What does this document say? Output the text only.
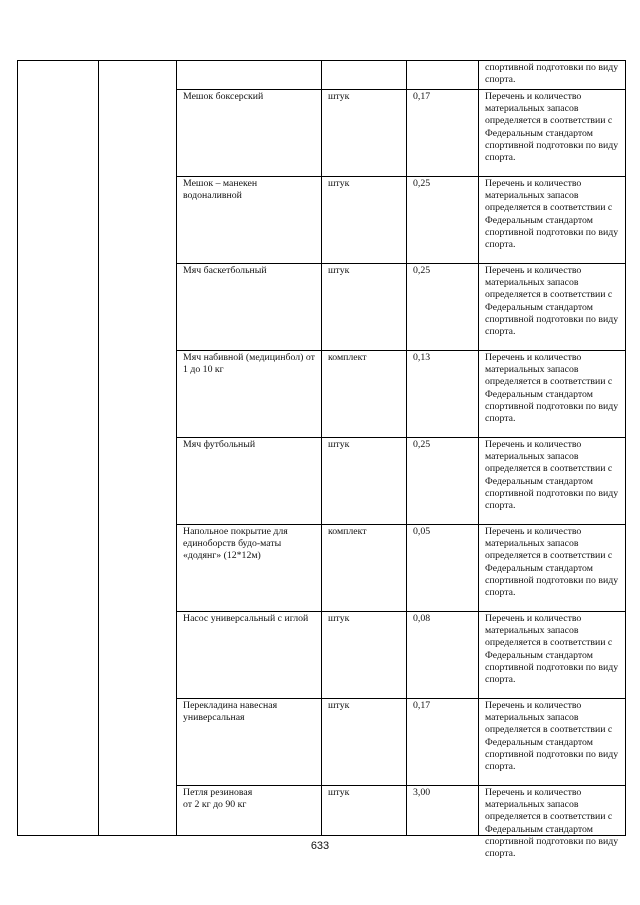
					спортивной подготовки по виду спорта.

		Мешок боксерский	штук	0,17	Перечень и количество материальных запасов определяется в соответствии с Федеральным стандартом спортивной подготовки по виду спорта.

		Мешок – манекен водоналивной	штук	0,25	Перечень и количество материальных запасов определяется в соответствии с Федеральным стандартом спортивной подготовки по виду спорта.

		Мяч баскетбольный	штук	0,25	Перечень и количество материальных запасов определяется в соответствии с Федеральным стандартом спортивной подготовки по виду спорта.

		Мяч набивной (медицинбол) от 1 до 10 кг	комплект	0,13	Перечень и количество материальных запасов определяется в соответствии с Федеральным стандартом спортивной подготовки по виду спорта.

		Мяч футбольный	штук	0,25	Перечень и количество материальных запасов определяется в соответствии с Федеральным стандартом спортивной подготовки по виду спорта.

		Напольное покрытие для единоборств будо-маты «додянг» (12*12м)	комплект	0,05	Перечень и количество материальных запасов определяется в соответствии с Федеральным стандартом спортивной подготовки по виду спорта.

		Насос универсальный с иглой	штук	0,08	Перечень и количество материальных запасов определяется в соответствии с Федеральным стандартом спортивной подготовки по виду спорта.

		Перекладина навесная универсальная	штук	0,17	Перечень и количество материальных запасов определяется в соответствии с Федеральным стандартом спортивной подготовки по виду спорта.

		Петля резиновая
от 2 кг до 90 кг	штук	3,00	Перечень и количество материальных запасов определяется в соответствии с Федеральным стандартом спортивной подготовки по виду спорта.
633
